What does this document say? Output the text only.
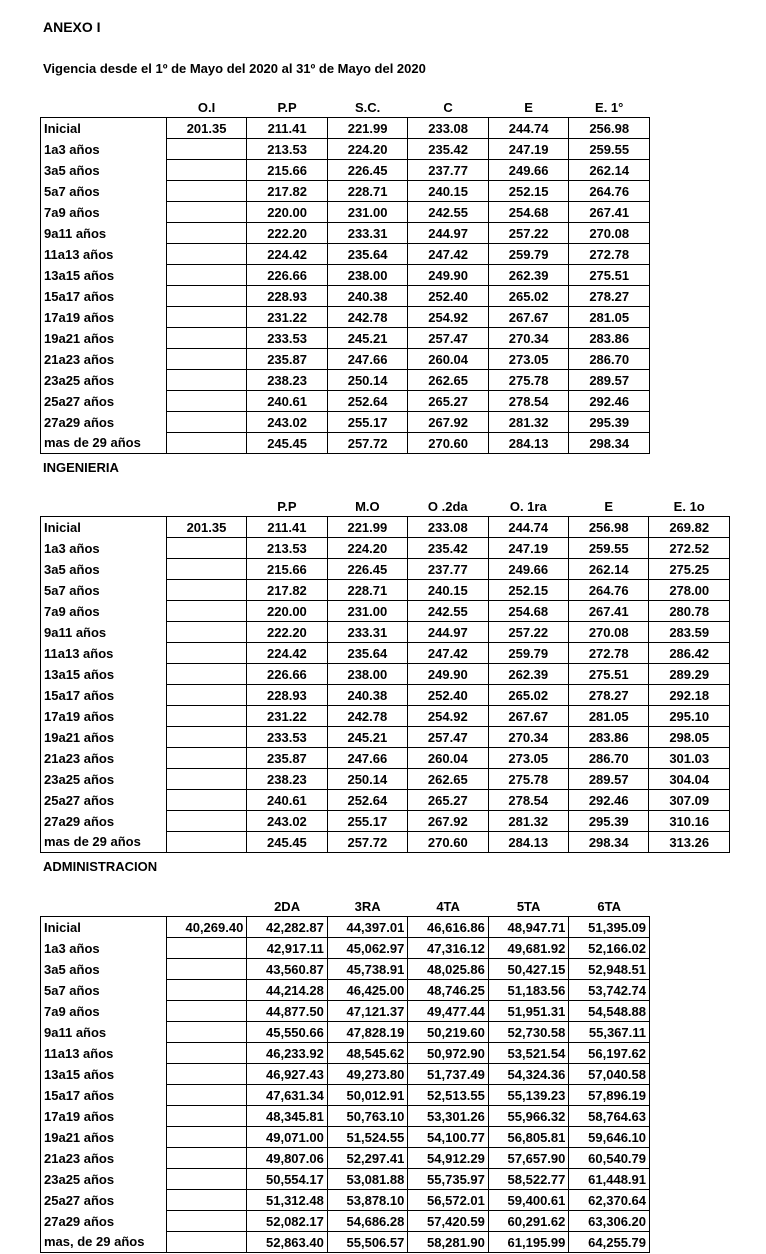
ANEXO I
Vigencia desde el 1º de Mayo del 2020 al 31º de Mayo del 2020
	O.I	P.P	S.C.	C	E	E. 1°
Inicial	201.35	211.41	221.99	233.08	244.74	256.98
1a3 años		213.53	224.20	235.42	247.19	259.55
3a5 años		215.66	226.45	237.77	249.66	262.14
5a7 años		217.82	228.71	240.15	252.15	264.76
7a9 años		220.00	231.00	242.55	254.68	267.41
9a11 años		222.20	233.31	244.97	257.22	270.08
11a13 años		224.42	235.64	247.42	259.79	272.78
13a15 años		226.66	238.00	249.90	262.39	275.51
15a17 años		228.93	240.38	252.40	265.02	278.27
17a19 años		231.22	242.78	254.92	267.67	281.05
19a21 años		233.53	245.21	257.47	270.34	283.86
21a23 años		235.87	247.66	260.04	273.05	286.70
23a25 años		238.23	250.14	262.65	275.78	289.57
25a27 años		240.61	252.64	265.27	278.54	292.46
27a29 años		243.02	255.17	267.92	281.32	295.39
mas de 29 años		245.45	257.72	270.60	284.13	298.34
INGENIERIA
		P.P	M.O	O .2da	O. 1ra	E	E. 1o
Inicial	201.35	211.41	221.99	233.08	244.74	256.98	269.82
1a3 años		213.53	224.20	235.42	247.19	259.55	272.52
3a5 años		215.66	226.45	237.77	249.66	262.14	275.25
5a7 años		217.82	228.71	240.15	252.15	264.76	278.00
7a9 años		220.00	231.00	242.55	254.68	267.41	280.78
9a11 años		222.20	233.31	244.97	257.22	270.08	283.59
11a13 años		224.42	235.64	247.42	259.79	272.78	286.42
13a15 años		226.66	238.00	249.90	262.39	275.51	289.29
15a17 años		228.93	240.38	252.40	265.02	278.27	292.18
17a19 años		231.22	242.78	254.92	267.67	281.05	295.10
19a21 años		233.53	245.21	257.47	270.34	283.86	298.05
21a23 años		235.87	247.66	260.04	273.05	286.70	301.03
23a25 años		238.23	250.14	262.65	275.78	289.57	304.04
25a27 años		240.61	252.64	265.27	278.54	292.46	307.09
27a29 años		243.02	255.17	267.92	281.32	295.39	310.16
mas de 29 años		245.45	257.72	270.60	284.13	298.34	313.26
ADMINISTRACION
		2DA	3RA	4TA	5TA	6TA
Inicial	40,269.40	42,282.87	44,397.01	46,616.86	48,947.71	51,395.09
1a3 años		42,917.11	45,062.97	47,316.12	49,681.92	52,166.02
3a5 años		43,560.87	45,738.91	48,025.86	50,427.15	52,948.51
5a7 años		44,214.28	46,425.00	48,746.25	51,183.56	53,742.74
7a9 años		44,877.50	47,121.37	49,477.44	51,951.31	54,548.88
9a11 años		45,550.66	47,828.19	50,219.60	52,730.58	55,367.11
11a13 años		46,233.92	48,545.62	50,972.90	53,521.54	56,197.62
13a15 años		46,927.43	49,273.80	51,737.49	54,324.36	57,040.58
15a17 años		47,631.34	50,012.91	52,513.55	55,139.23	57,896.19
17a19 años		48,345.81	50,763.10	53,301.26	55,966.32	58,764.63
19a21 años		49,071.00	51,524.55	54,100.77	56,805.81	59,646.10
21a23 años		49,807.06	52,297.41	54,912.29	57,657.90	60,540.79
23a25 años		50,554.17	53,081.88	55,735.97	58,522.77	61,448.91
25a27 años		51,312.48	53,878.10	56,572.01	59,400.61	62,370.64
27a29 años		52,082.17	54,686.28	57,420.59	60,291.62	63,306.20
mas, de 29 años		52,863.40	55,506.57	58,281.90	61,195.99	64,255.79
